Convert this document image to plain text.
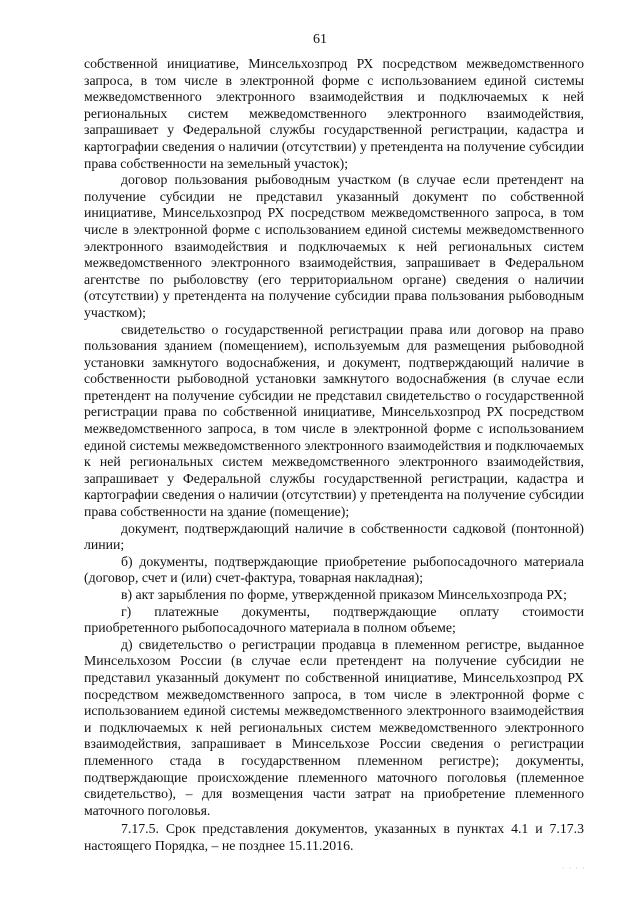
61

собственной инициативе, Минсельхозпрод РХ посредством межведомственного запроса, в том числе в электронной форме с использованием единой системы межведомственного электронного взаимодействия и подключаемых к ней региональных систем межведомственного электронного взаимодействия, запрашивает у Федеральной службы государственной регистрации, кадастра и картографии сведения о наличии (отсутствии) у претендента на получение субсидии права собственности на земельный участок);

договор пользования рыбоводным участком (в случае если претендент на получение субсидии не представил указанный документ по собственной инициативе, Минсельхозпрод РХ посредством межведомственного запроса, в том числе в электронной форме с использованием единой системы межведомственного электронного взаимодействия и подключаемых к ней региональных систем межведомственного электронного взаимодействия, запрашивает в Федеральном агентстве по рыболовству (его территориальном органе) сведения о наличии (отсутствии) у претендента на получение субсидии права пользования рыбоводным участком);

свидетельство о государственной регистрации права или договор на право пользования зданием (помещением), используемым для размещения рыбоводной установки замкнутого водоснабжения, и документ, подтверждающий наличие в собственности рыбоводной установки замкнутого водоснабжения (в случае если претендент на получение субсидии не представил свидетельство о государственной регистрации права по собственной инициативе, Минсельхозпрод РХ посредством межведомственного запроса, в том числе в электронной форме с использованием единой системы межведомственного электронного взаимодействия и подключаемых к ней региональных систем межведомственного электронного взаимодействия, запрашивает у Федеральной службы государственной регистрации, кадастра и картографии сведения о наличии (отсутствии) у претендента на получение субсидии права собственности на здание (помещение);

документ, подтверждающий наличие в собственности садковой (понтонной) линии;

б) документы, подтверждающие приобретение рыбопосадочного материала (договор, счет и (или) счет-фактура, товарная накладная);

в) акт зарыбления по форме, утвержденной приказом Минсельхозпрода РХ;

г) платежные документы, подтверждающие оплату стоимости приобретенного рыбопосадочного материала в полном объеме;

д) свидетельство о регистрации продавца в племенном регистре, выданное Минсельхозом России (в случае если претендент на получение субсидии не представил указанный документ по собственной инициативе, Минсельхозпрод РХ посредством межведомственного запроса, в том числе в электронной форме с использованием единой системы межведомственного электронного взаимодействия и подключаемых к ней региональных систем межведомственного электронного взаимодействия, запрашивает в Минсельхозе России сведения о регистрации племенного стада в государственном племенном регистре); документы, подтверждающие происхождение племенного маточного поголовья (племенное свидетельство), – для возмещения части затрат на приобретение племенного маточного поголовья.

7.17.5. Срок представления документов, указанных в пунктах 4.1 и 7.17.3 настоящего Порядка, – не позднее 15.11.2016.

· · · ·
